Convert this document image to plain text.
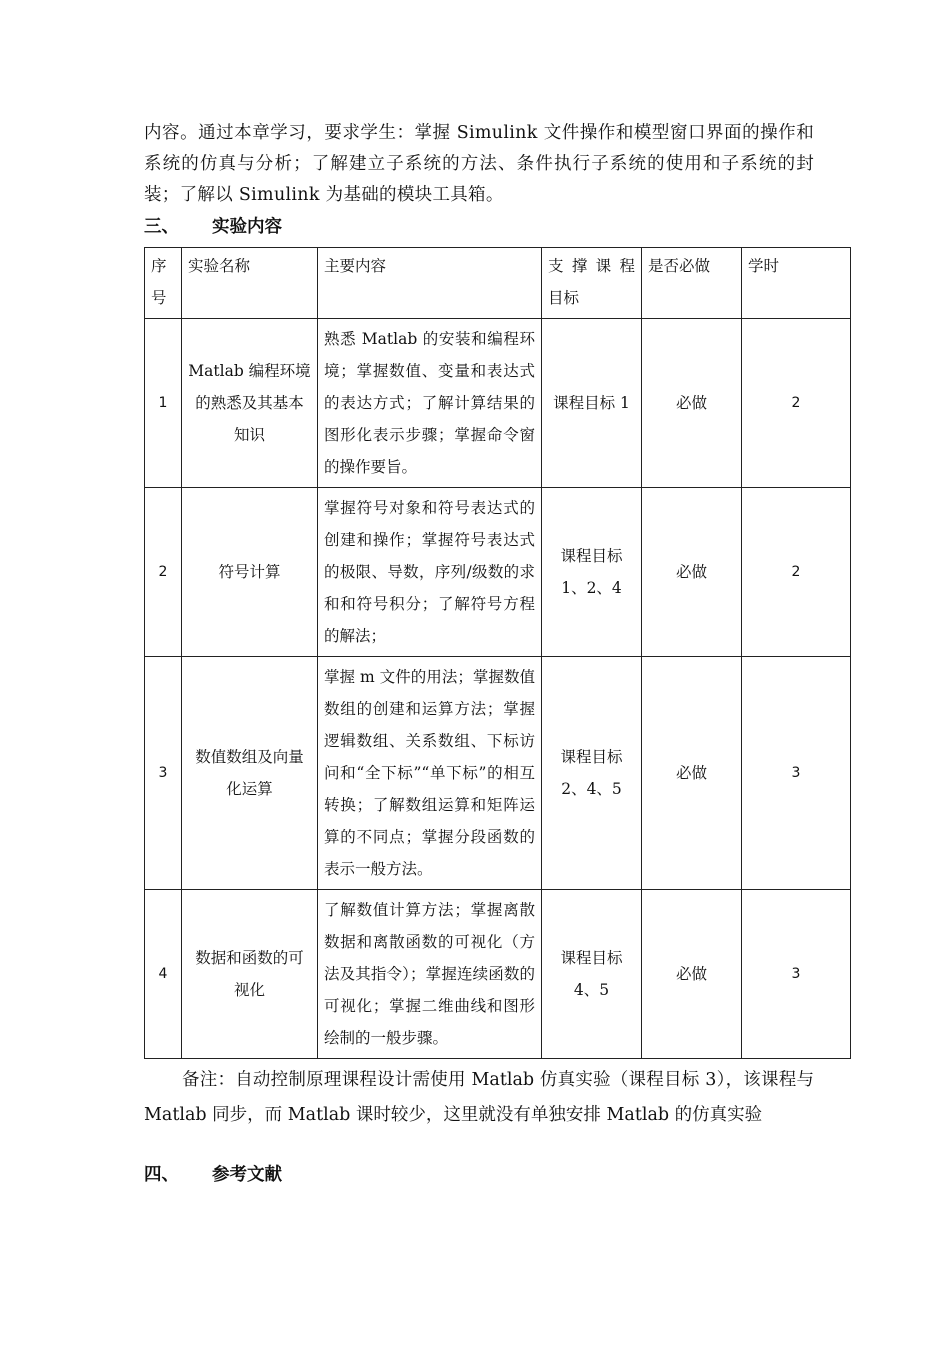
内容。通过本章学习，要求学生：掌握 Simulink 文件操作和模型窗口界面的操作和系统的仿真与分析；了解建立子系统的方法、条件执行子系统的使用和子系统的封装；了解以 Simulink 为基础的模块工具箱。

三、	实验内容
序号	实验名称	主要内容	支 撑 课 程目标	是否必做	学时
1	Matlab 编程环境的熟悉及其基本知识	熟悉 Matlab 的安装和编程环境；掌握数值、变量和表达式的表达方式；了解计算结果的图形化表示步骤；掌握命令窗的操作要旨。	课程目标 1	必做	2
2	符号计算	掌握符号对象和符号表达式的创建和操作；掌握符号表达式的极限、导数，序列/级数的求和和符号积分；了解符号方程的解法；	课程目标 1、2、4	必做	2
3	数值数组及向量化运算	掌握 m 文件的用法；掌握数值数组的创建和运算方法；掌握逻辑数组、关系数组、下标访问和“全下标”“单下标”的相互转换；了解数组运算和矩阵运算的不同点；掌握分段函数的表示一般方法。	课程目标 2、4、5	必做	3
4	数据和函数的可视化	了解数值计算方法；掌握离散数据和离散函数的可视化（方法及其指令）；掌握连续函数的可视化；掌握二维曲线和图形绘制的一般步骤。	课程目标 4、5	必做	3

备注：自动控制原理课程设计需使用 Matlab 仿真实验（课程目标 3），该课程与 Matlab 同步，而 Matlab 课时较少，这里就没有单独安排 Matlab 的仿真实验

四、	参考文献
